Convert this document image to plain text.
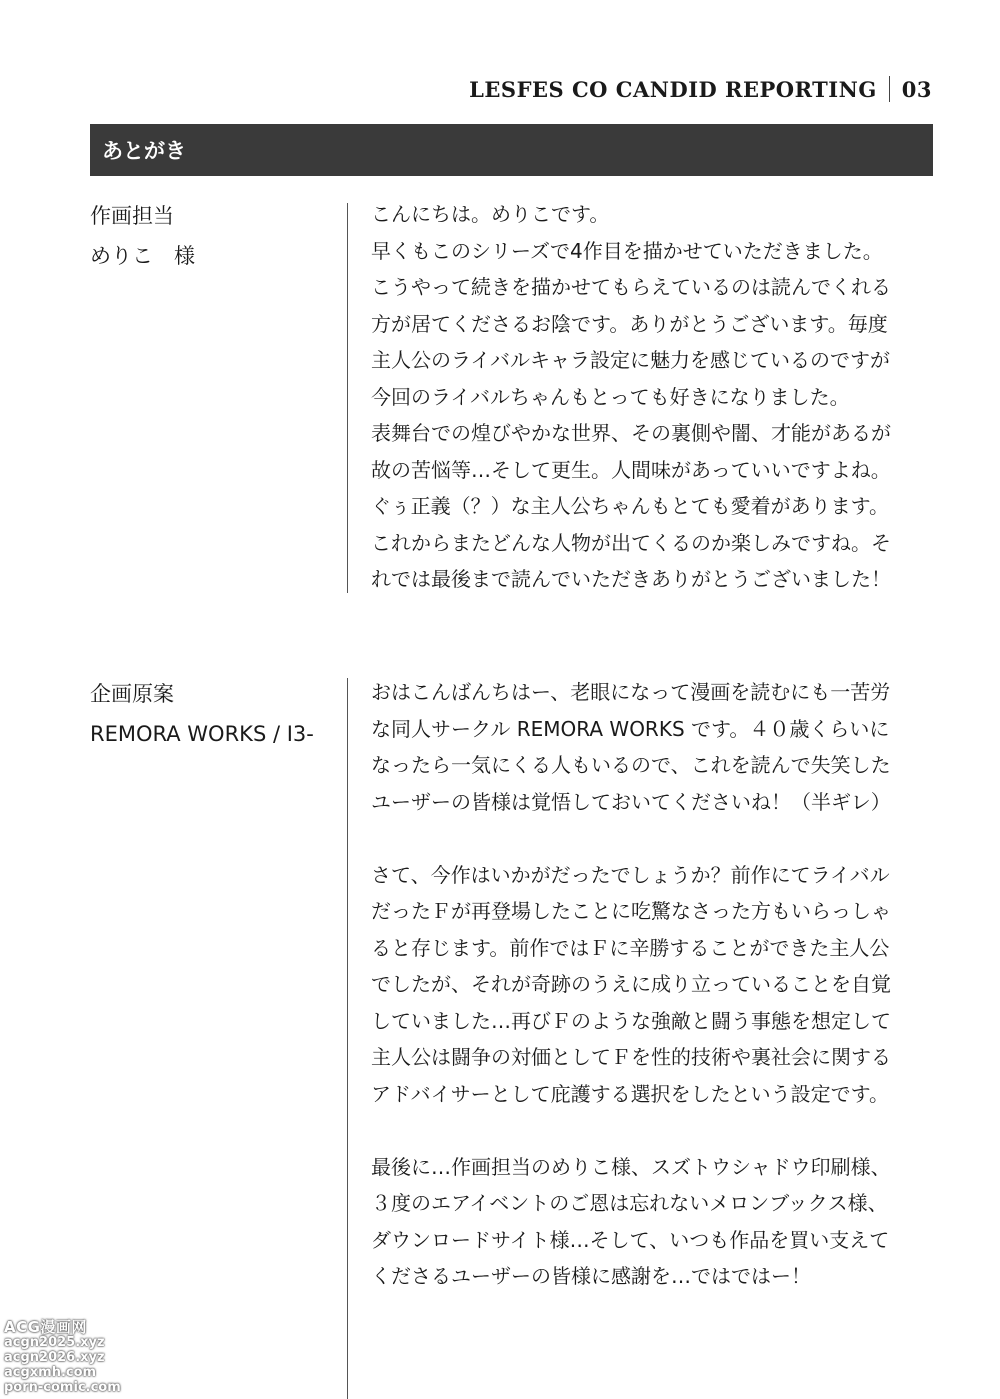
LESFES CO CANDID REPORTING 03
あとがき
作画担当
めりこ　様
こんにちは。めりこです。
早くもこのシリーズで4作目を描かせていただきました。
こうやって続きを描かせてもらえているのは読んでくれる
方が居てくださるお陰です。ありがとうございます。毎度
主人公のライバルキャラ設定に魅力を感じているのですが
今回のライバルちゃんもとっても好きになりました。
表舞台での煌びやかな世界、その裏側や闇、才能があるが
故の苦悩等…そして更生。人間味があっていいですよね。
ぐぅ正義（？）な主人公ちゃんもとても愛着があります。
これからまたどんな人物が出てくるのか楽しみですね。そ
れでは最後まで読んでいただきありがとうございました！
企画原案
REMORA WORKS / I3-
おはこんばんちはー、老眼になって漫画を読むにも一苦労
な同人サークル REMORA WORKS です。４０歳くらいに
なったら一気にくる人もいるので、これを読んで失笑した
ユーザーの皆様は覚悟しておいてくださいね！（半ギレ）
さて、今作はいかがだったでしょうか？前作にてライバル
だったＦが再登場したことに吃驚なさった方もいらっしゃ
ると存じます。前作ではＦに辛勝することができた主人公
でしたが、それが奇跡のうえに成り立っていることを自覚
していました…再びＦのような強敵と闘う事態を想定して
主人公は闘争の対価としてＦを性的技術や裏社会に関する
アドバイサーとして庇護する選択をしたという設定です。
最後に…作画担当のめりこ様、スズトウシャドウ印刷様、
３度のエアイベントのご恩は忘れないメロンブックス様、
ダウンロードサイト様…そして、いつも作品を買い支えて
くださるユーザーの皆様に感謝を…ではではー！
ACG漫画网
acgn2025.xyz
acgn2026.xyz
acgxmh.com
porn-comic.com
